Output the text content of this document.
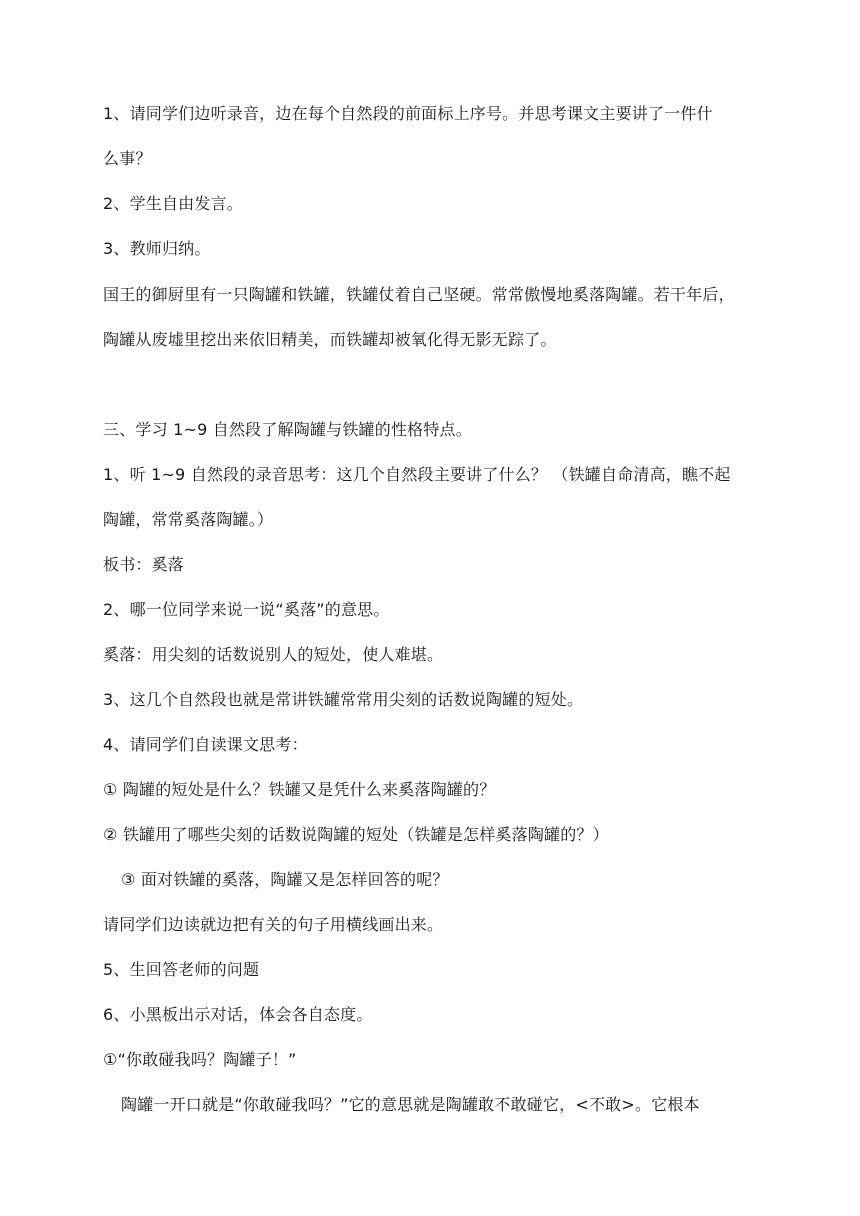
1、请同学们边听录音，边在每个自然段的前面标上序号。并思考课文主要讲了一件什
么事？
2、学生自由发言。
3、教师归纳。
国王的御厨里有一只陶罐和铁罐，铁罐仗着自己坚硬。常常傲慢地奚落陶罐。若干年后，
陶罐从废墟里挖出来依旧精美，而铁罐却被氧化得无影无踪了。
三、学习 1~9 自然段了解陶罐与铁罐的性格特点。
1、听 1~9 自然段的录音思考：这几个自然段主要讲了什么？ （铁罐自命清高，瞧不起
陶罐，常常奚落陶罐。）
板书：奚落
2、哪一位同学来说一说“奚落”的意思。
奚落：用尖刻的话数说别人的短处，使人难堪。
3、这几个自然段也就是常讲铁罐常常用尖刻的话数说陶罐的短处。
4、请同学们自读课文思考：
① 陶罐的短处是什么？铁罐又是凭什么来奚落陶罐的？
② 铁罐用了哪些尖刻的话数说陶罐的短处（铁罐是怎样奚落陶罐的？）
③ 面对铁罐的奚落，陶罐又是怎样回答的呢？
请同学们边读就边把有关的句子用横线画出来。
5、生回答老师的问题
6、小黑板出示对话，体会各自态度。
①“你敢碰我吗？陶罐子！”
陶罐一开口就是“你敢碰我吗？”它的意思就是陶罐敢不敢碰它，<不敢>。它根本
